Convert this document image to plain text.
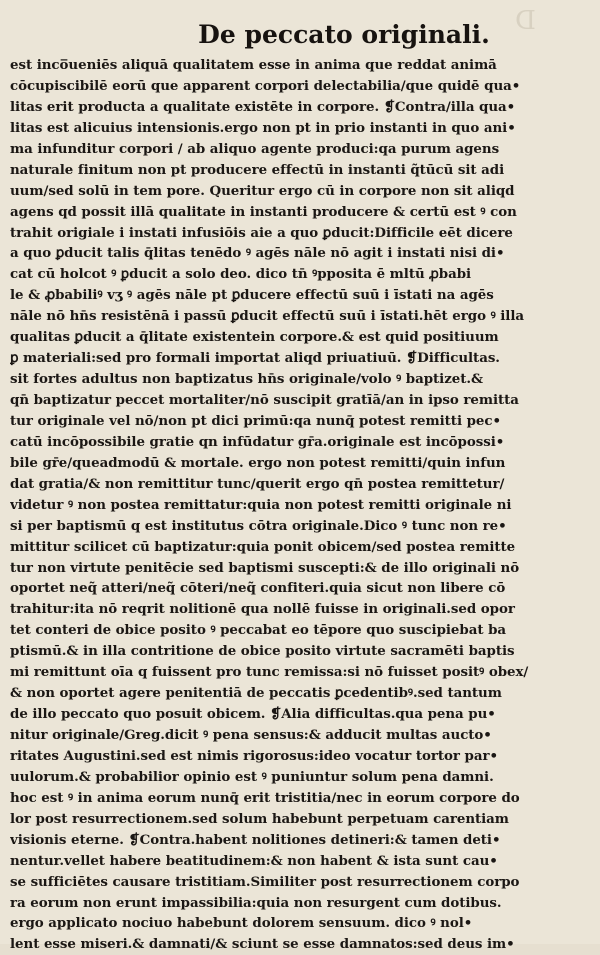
D
De peccato originali.
est inco̅ueniēs aliquā qualitatem esse in anima que reddat animā
cōcupiscibilē eorū que apparent corpori delectabilia/que quidē qua•
litas erit producta a qualitate existēte in corpore. ❡Contra/illa qua•
litas est alicuius intensionis.ergo non pt in prio instanti in quo ani•
ma infunditur corpori / ab aliquo agente produci:qa purum agens
naturale finitum non pt producere effectū in instanti q̃tūcū sit adi
uum/sed solū in tem pore. Queritur ergo cū in corpore non sit aliqd
agens qd possit illā qualitate in instanti producere & certū est ꝰ con
trahit origiale i instati infusiōis aie a quo ꝑducit:Difficile eēt dicere
a quo ꝑducit talis q̄litas tenēdo ꝰ agēs nāle nō agit i instati nisi di•
cat cū holcot ꝰ ꝑducit a solo deo. dico tn̄ ꝰpposita ē mltū ꝓbabi
le & ꝓbabiliꝰ vʒ ꝰ agēs nāle pt ꝑducere effectū suū i īstati na agēs
nāle nō hn̄s resistēnā i passū ꝑducit effectū suū i īstati.hēt ergo ꝰ illa
qualitas ꝑducit a q̄litate existentein corpore.& est quid positiuum
ꝑ materiali:sed pro formali importat aliqd priuatiuū. ❡Difficultas.
sit fortes adultus non baptizatus hn̄s originale/volo ꝰ baptizet.&
qn̄ baptizatur peccet mortaliter/nō suscipit gratīā/an in ipso remitta
tur originale vel nō/non pt dici primū:qa nunq̄ potest remitti pec•
catū incōpossibile gratie qn infūdatur gr̄a.originale est incōpossi•
bile gr̄e/queadmodū & mortale. ergo non potest remitti/quin infun
dat gratia/& non remittitur tunc/querit ergo qn̄ postea remittetur/
videtur ꝰ non postea remittatur:quia non potest remitti originale ni
si per baptismū q est institutus cōtra originale.Dico ꝰ tunc non re•
mittitur scilicet cū baptizatur:quia ponit obicem/sed postea remitte
tur non virtute penitēcie sed baptismi suscepti:& de illo originali nō
oportet neq̃ atteri/neq̃ cōteri/neq̃ confiteri.quia sicut non libere cō
trahitur:ita nō reqrit nolitionē qua nollē fuisse in originali.sed opor
tet conteri de obice posito ꝰ peccabat eo tēpore quo suscipiebat ba
ptismū.& in illa contritione de obice posito virtute sacramēti baptis
mi remittunt oīa q fuissent pro tunc remissa:si nō fuisset positꝰ obex/
& non oportet agere penitentiā de peccatis ꝑcedentibꝰ.sed tantum
de illo peccato quo posuit obicem. ❡Alia difficultas.qua pena pu•
nitur originale/Greg.dicit ꝰ pena sensus:& adducit multas aucto•
ritates Augustini.sed est nimis rigorosus:ideo vocatur tortor par•
uulorum.& probabilior opinio est ꝰ puniuntur solum pena damni.
hoc est ꝰ in anima eorum nunq̄ erit tristitia/nec in eorum corpore do
lor post resurrectionem.sed solum habebunt perpetuam carentiam
visionis eterne. ❡Contra.habent nolitiones detineri:& tamen deti•
nentur.vellet habere beatitudinem:& non habent & ista sunt cau•
se sufficiētes causare tristitiam.Similiter post resurrectionem corpo
ra eorum non erunt impassibilia:quia non resurgent cum dotibus.
ergo applicato nociuo habebunt dolorem sensuum. dico ꝰ nol•
lent esse miseri.& damnati/& sciunt se esse damnatos:sed deus im•
